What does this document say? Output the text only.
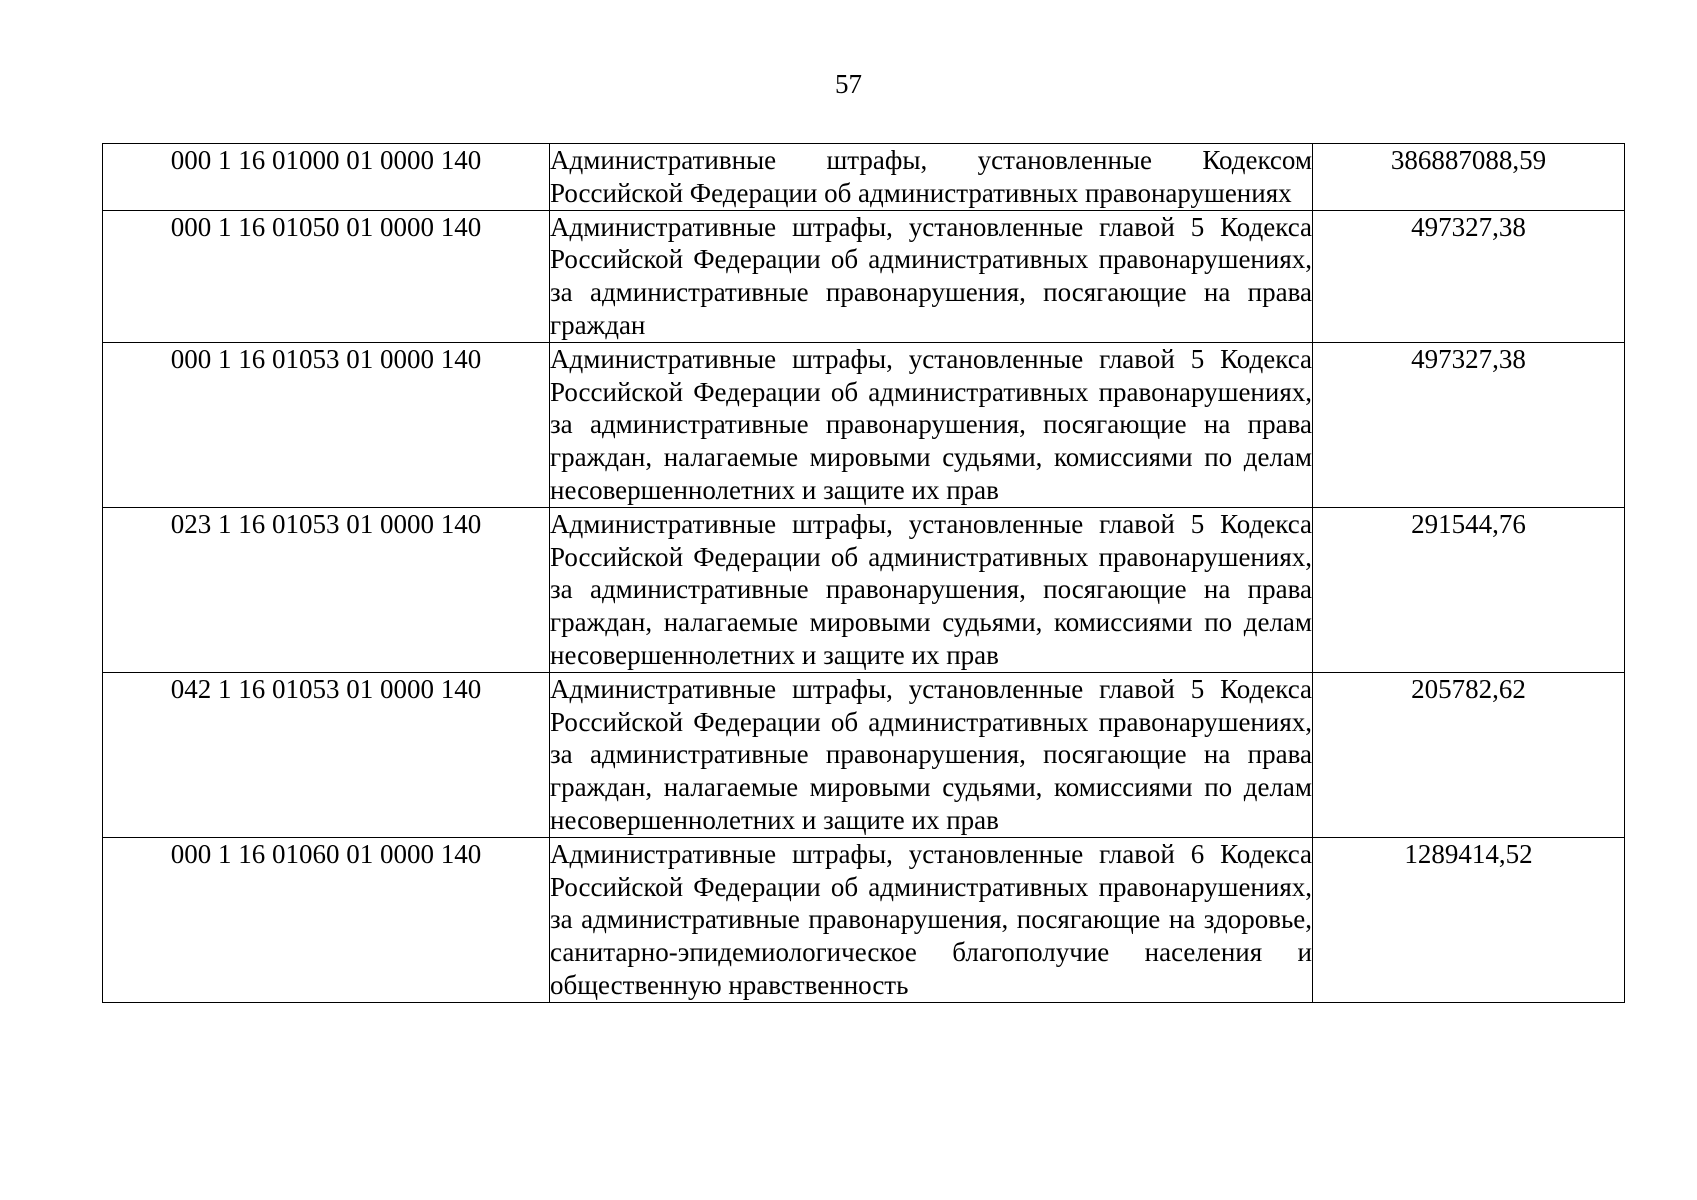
57
000 1 16 01000 01 0000 140	Административные штрафы, установленные Кодексом Российской Федерации об административных правонарушениях	386887088,59
000 1 16 01050 01 0000 140	Административные штрафы, установленные главой 5 Кодекса Российской Федерации об административных правонарушениях, за административные правонарушения, посягающие на права граждан	497327,38
000 1 16 01053 01 0000 140	Административные штрафы, установленные главой 5 Кодекса Российской Федерации об административных правонарушениях, за административные правонарушения, посягающие на права граждан, налагаемые мировыми судьями, комиссиями по делам несовершеннолетних и защите их прав	497327,38
023 1 16 01053 01 0000 140	Административные штрафы, установленные главой 5 Кодекса Российской Федерации об административных правонарушениях, за административные правонарушения, посягающие на права граждан, налагаемые мировыми судьями, комиссиями по делам несовершеннолетних и защите их прав	291544,76
042 1 16 01053 01 0000 140	Административные штрафы, установленные главой 5 Кодекса Российской Федерации об административных правонарушениях, за административные правонарушения, посягающие на права граждан, налагаемые мировыми судьями, комиссиями по делам несовершеннолетних и защите их прав	205782,62
000 1 16 01060 01 0000 140	Административные штрафы, установленные главой 6 Кодекса Российской Федерации об административных правонарушениях, за административные правонарушения, посягающие на здоровье, санитарно-эпидемиологическое благополучие населения и общественную нравственность	1289414,52
